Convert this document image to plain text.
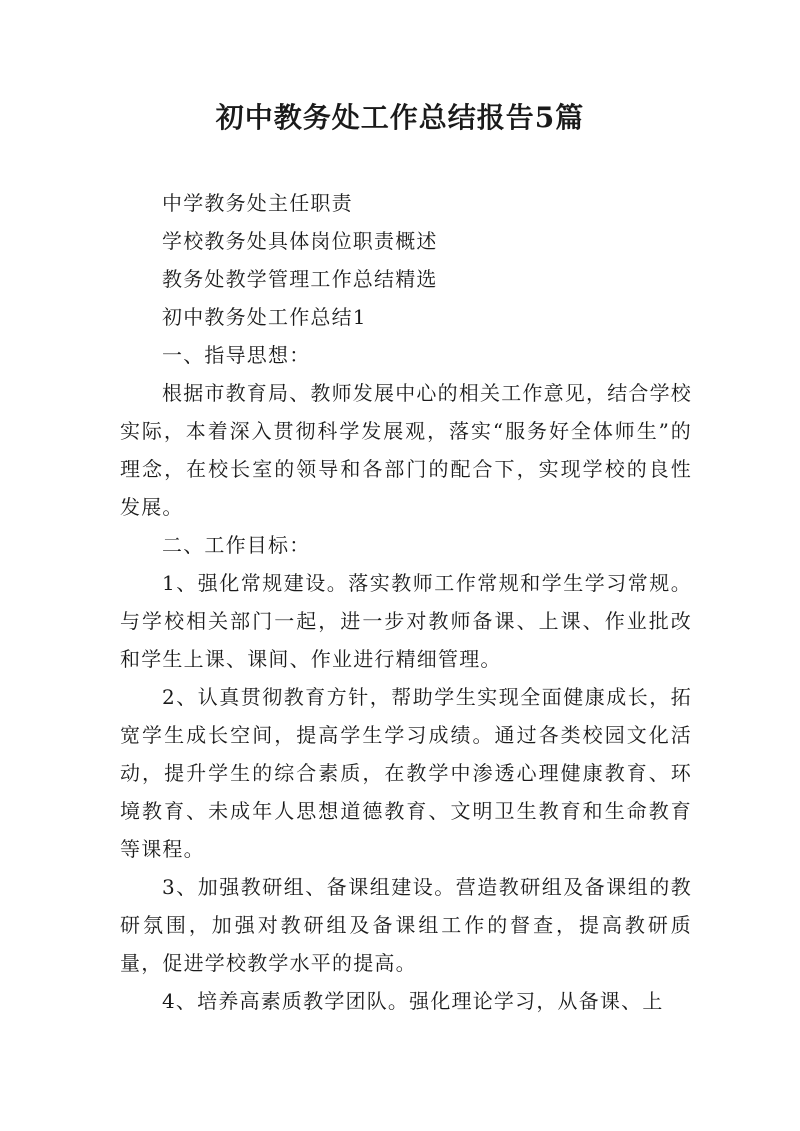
初中教务处工作总结报告5篇

中学教务处主任职责

学校教务处具体岗位职责概述

教务处教学管理工作总结精选

初中教务处工作总结1

一、指导思想：

根据市教育局、教师发展中心的相关工作意见，结合学校实际，本着深入贯彻科学发展观，落实“服务好全体师生”的理念，在校长室的领导和各部门的配合下，实现学校的良性发展。

二、工作目标：

1、强化常规建设。落实教师工作常规和学生学习常规。与学校相关部门一起，进一步对教师备课、上课、作业批改和学生上课、课间、作业进行精细管理。

2、认真贯彻教育方针，帮助学生实现全面健康成长，拓宽学生成长空间，提高学生学习成绩。通过各类校园文化活动，提升学生的综合素质，在教学中渗透心理健康教育、环境教育、未成年人思想道德教育、文明卫生教育和生命教育等课程。

3、加强教研组、备课组建设。营造教研组及备课组的教研氛围，加强对教研组及备课组工作的督查，提高教研质量，促进学校教学水平的提高。

4、培养高素质教学团队。强化理论学习，从备课、上
